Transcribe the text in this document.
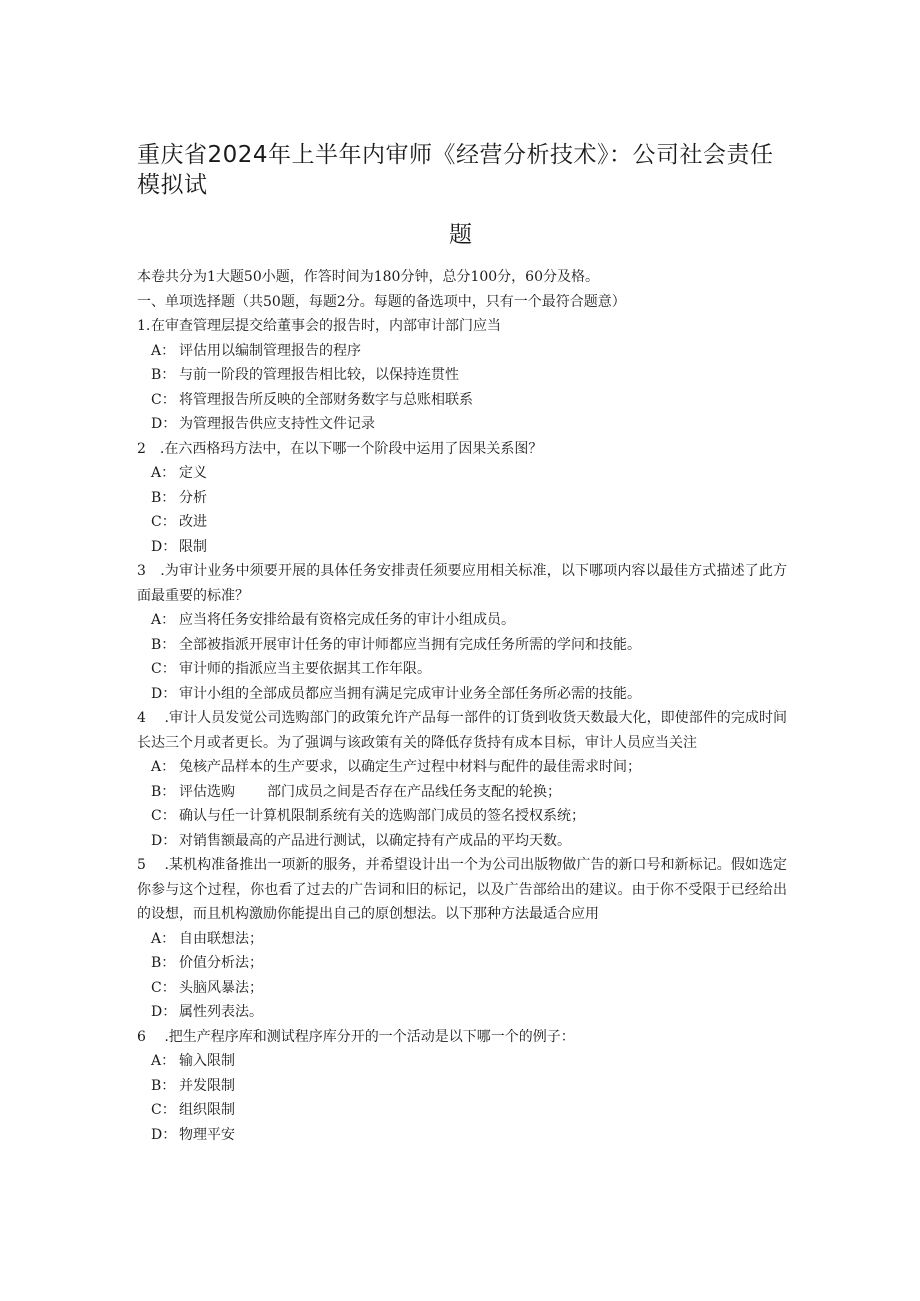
重庆省2024年上半年内审师《经营分析技术》：公司社会责任模拟试
题

本卷共分为1大题50小题，作答时间为180分钟，总分100分，60分及格。

一、单项选择题（共50题，每题2分。每题的备选项中，只有一个最符合题意）

1.在审查管理层提交给董事会的报告时，内部审计部门应当

A： 评估用以编制管理报告的程序

B： 与前一阶段的管理报告相比较，以保持连贯性

C： 将管理报告所反映的全部财务数字与总账相联系

D： 为管理报告供应支持性文件记录

2 .在六西格玛方法中，在以下哪一个阶段中运用了因果关系图？

A： 定义

B： 分析

C： 改进

D： 限制

3 .为审计业务中须要开展的具体任务安排责任须要应用相关标准，以下哪项内容以最佳方式描述了此方面最重要的标准？

A： 应当将任务安排给最有资格完成任务的审计小组成员。

B： 全部被指派开展审计任务的审计师都应当拥有完成任务所需的学问和技能。

C： 审计师的指派应当主要依据其工作年限。

D： 审计小组的全部成员都应当拥有满足完成审计业务全部任务所必需的技能。

4 .审计人员发觉公司选购部门的政策允许产品每一部件的订货到收货天数最大化，即使部件的完成时间长达三个月或者更长。为了强调与该政策有关的降低存货持有成本目标，审计人员应当关注

A： 兔核产品样本的生产要求，以确定生产过程中材料与配件的最佳需求时间；

B： 评估选购 部门成员之间是否存在产品线任务支配的轮换；

C： 确认与任一计算机限制系统有关的选购部门成员的签名授权系统；

D： 对销售额最高的产品进行测试，以确定持有产成品的平均天数。

5 .某机构准备推出一项新的服务，并希望设计出一个为公司出版物做广告的新口号和新标记。假如选定你参与这个过程，你也看了过去的广告词和旧的标记，以及广告部给出的建议。由于你不受限于已经给出的设想，而且机构激励你能提出自己的原创想法。以下那种方法最适合应用

A： 自由联想法；

B： 价值分析法；

C： 头脑风暴法；

D： 属性列表法。

6 .把生产程序库和测试程序库分开的一个活动是以下哪一个的例子：

A： 输入限制

B： 并发限制

C： 组织限制

D： 物理平安
